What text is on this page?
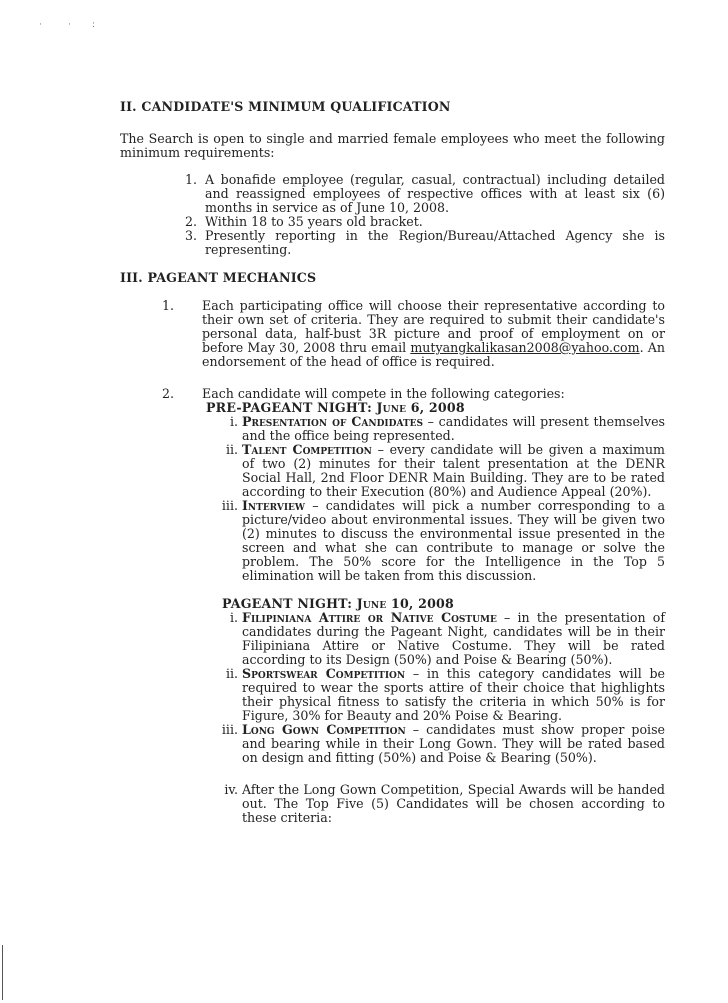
·	· :
II. CANDIDATE'S MINIMUM QUALIFICATION

The Search is open to single and married female employees who meet the following minimum requirements:

1. A bonafide employee (regular, casual, contractual) including detailed and reassigned employees of respective offices with at least six (6) months in service as of June 10, 2008.
2. Within 18 to 35 years old bracket.
3. Presently reporting in the Region/Bureau/Attached Agency she is representing.
III. PAGEANT MECHANICS
1. Each participating office will choose their representative according to their own set of criteria. They are required to submit their candidate's personal data, half-bust 3R picture and proof of employment on or before May 30, 2008 thru email mutyangkalikasan2008@yahoo.com. An endorsement of the head of office is required.
2. Each candidate will compete in the following categories:
PRE-PAGEANT NIGHT: June 6, 2008
i. Presentation of Candidates – candidates will present themselves and the office being represented.
ii. Talent Competition – every candidate will be given a maximum of two (2) minutes for their talent presentation at the DENR Social Hall, 2nd Floor DENR Main Building. They are to be rated according to their Execution (80%) and Audience Appeal (20%).
iii. Interview – candidates will pick a number corresponding to a picture/video about environmental issues. They will be given two (2) minutes to discuss the environmental issue presented in the screen and what she can contribute to manage or solve the problem. The 50% score for the Intelligence in the Top 5 elimination will be taken from this discussion.
PAGEANT NIGHT: June 10, 2008
i. Filipiniana Attire or Native Costume – in the presentation of candidates during the Pageant Night, candidates will be in their Filipiniana Attire or Native Costume. They will be rated according to its Design (50%) and Poise & Bearing (50%).
ii. Sportswear Competition – in this category candidates will be required to wear the sports attire of their choice that highlights their physical fitness to satisfy the criteria in which 50% is for Figure, 30% for Beauty and 20% Poise & Bearing.
iii. Long Gown Competition – candidates must show proper poise and bearing while in their Long Gown. They will be rated based on design and fitting (50%) and Poise & Bearing (50%).
iv. After the Long Gown Competition, Special Awards will be handed out. The Top Five (5) Candidates will be chosen according to these criteria:
